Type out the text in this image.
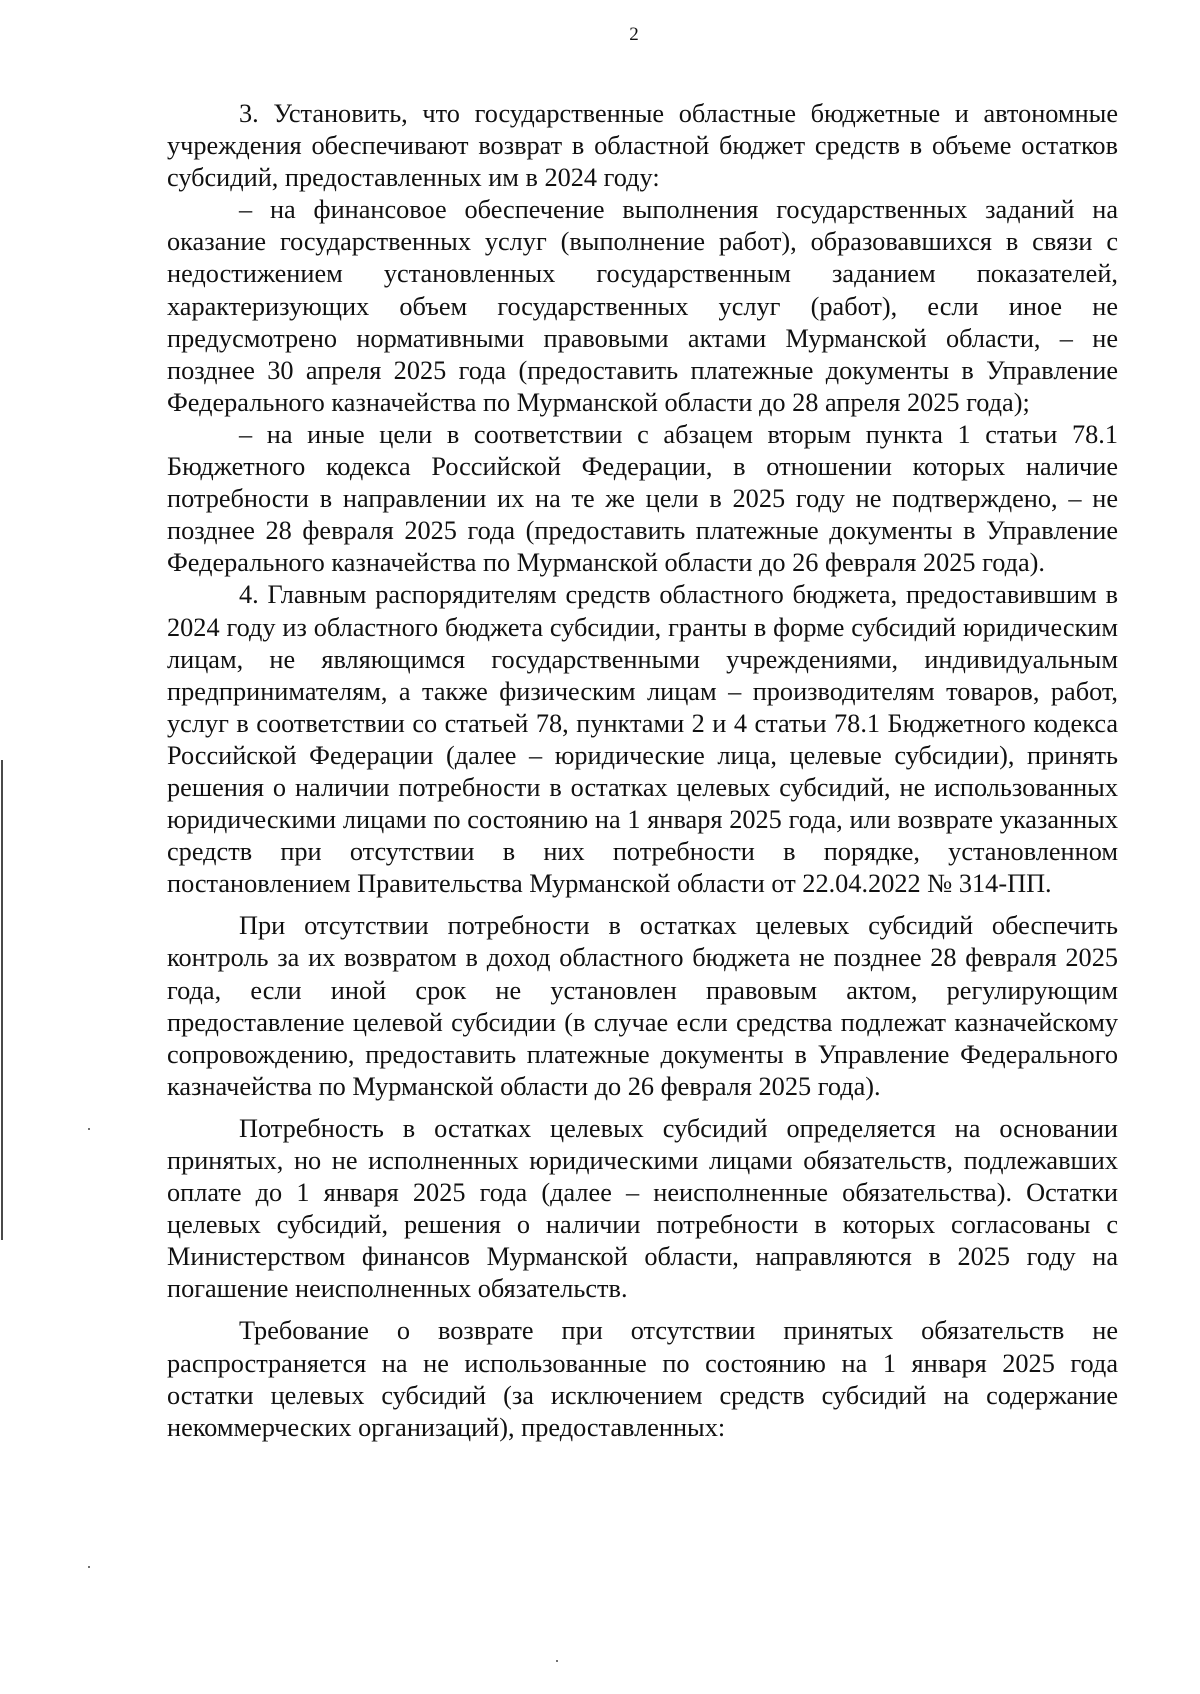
2

3. Установить, что государственные областные бюджетные и автономные учреждения обеспечивают возврат в областной бюджет средств в объеме остатков субсидий, предоставленных им в 2024 году:

– на финансовое обеспечение выполнения государственных заданий на оказание государственных услуг (выполнение работ), образовавшихся в связи с недостижением установленных государственным заданием показателей, характеризующих объем государственных услуг (работ), если иное не предусмотрено нормативными правовыми актами Мурманской области, – не позднее 30 апреля 2025 года (предоставить платежные документы в Управление Федерального казначейства по Мурманской области до 28 апреля 2025 года);

– на иные цели в соответствии с абзацем вторым пункта 1 статьи 78.1 Бюджетного кодекса Российской Федерации, в отношении которых наличие потребности в направлении их на те же цели в 2025 году не подтверждено, – не позднее 28 февраля 2025 года (предоставить платежные документы в Управление Федерального казначейства по Мурманской области до 26 февраля 2025 года).

4. Главным распорядителям средств областного бюджета, предоставившим в 2024 году из областного бюджета субсидии, гранты в форме субсидий юридическим лицам, не являющимся государственными учреждениями, индивидуальным предпринимателям, а также физическим лицам – производителям товаров, работ, услуг в соответствии со статьей 78, пунктами 2 и 4 статьи 78.1 Бюджетного кодекса Российской Федерации (далее – юридические лица, целевые субсидии), принять решения о наличии потребности в остатках целевых субсидий, не использованных юридическими лицами по состоянию на 1 января 2025 года, или возврате указанных средств при отсутствии в них потребности в порядке, установленном постановлением Правительства Мурманской области от 22.04.2022 № 314-ПП.

При отсутствии потребности в остатках целевых субсидий обеспечить контроль за их возвратом в доход областного бюджета не позднее 28 февраля 2025 года, если иной срок не установлен правовым актом, регулирующим предоставление целевой субсидии (в случае если средства подлежат казначейскому сопровождению, предоставить платежные документы в Управление Федерального казначейства по Мурманской области до 26 февраля 2025 года).

Потребность в остатках целевых субсидий определяется на основании принятых, но не исполненных юридическими лицами обязательств, подлежавших оплате до 1 января 2025 года (далее – неисполненные обязательства). Остатки целевых субсидий, решения о наличии потребности в которых согласованы с Министерством финансов Мурманской области, направляются в 2025 году на погашение неисполненных обязательств.

Требование о возврате при отсутствии принятых обязательств не распространяется на не использованные по состоянию на 1 января 2025 года остатки целевых субсидий (за исключением средств субсидий на содержание некоммерческих организаций), предоставленных:
